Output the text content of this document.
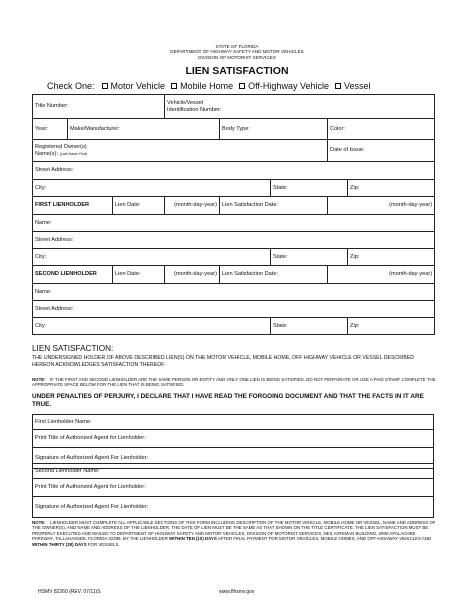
STATE OF FLORIDA
DEPARTMENT OF HIGHWAY SAFETY AND MOTOR VEHICLES
DIVISION OF MOTORIST SERVICES
LIEN SATISFACTION
Check One: Motor Vehicle Mobile Home Off-Highway Vehicle Vessel
Title Number:			Vehicle/Vessel
Identification Number:				

Year:	Make/Manufacturer:			Body Type:		Color:	

Registered Owner(s)
Name(s): (Last Name First)						Date of Issue:	
Street Address:							
City:					State:		Zip:
FIRST LIENHOLDER		Lien Date:	(month-day-year)	Lien Satisfaction Date:		(month-day-year)	
Name:							
Street Address:							
City:					State:		Zip:
SECOND LIENHOLDER		Lien Date:	(month-day-year)	Lien Satisfaction Date:		(month-day-year)	
Name:							
Street Address:							
City:					State:		Zip:
LIEN SATISFACTION:
THE UNDERSIGNED HOLDER OF ABOVE DESCRIBED LIEN(S) ON THE MOTOR VEHICLE, MOBILE HOME, OFF HIGHWAY VEHICLE OR VESSEL DESCRIBED HEREON ACKNOWLEDGES SATISFACTION THEREOF.
NOTE: IF THE FIRST AND SECOND LIENHOLDER ARE THE SAME PERSON OR ENTITY AND ONLY ONE LIEN IS BEING SATISFIED, DO NOT PERFORATE OR USE A PAID STAMP. COMPLETE THE APPROPRIATE SPACE BELOW FOR THE LIEN THAT IS BEING SATISFIED.
UNDER PENALTIES OF PERJURY, I DECLARE THAT I HAVE READ THE FORGOING DOCUMENT AND THAT THE FACTS IN IT ARE TRUE.
First Lienholder Name:
Print Title of Authorized Agent for Lienholder:
Signature of Authorized Agent For Lienholder:
Second Lienholder Name:
Print Title of Authorized Agent for Lienholder:
Signature of Authorized Agent For Lienholder:
NOTE: LIENHOLDER MUST COMPLETE ALL APPLICABLE SECTIONS OF THIS FORM INCLUDING DESCRIPTION OF THE MOTOR VEHICLE, MOBILE HOME OR VESSEL, NAME AND ADDRESS OF THE OWNER(S), AND NAME AND ADDRESS OF THE LIENHOLDER. THE DATE OF LIEN MUST BE THE SAME AS THAT SHOWN ON THE TITLE CERTIFICATE. THE LIEN SATISFACTION MUST BE PROPERLY EXECUTED AND MAILED TO DEPARTMENT OF HIGHWAY SAFETY AND MOTOR VEHICLES, DIVISION OF MOTORIST SERVICES, NEIL KIRKMAN BUILDING, 2900 APALACHEE PARKWAY, TALLAHASSEE, FLORIDA 32399, BY THE LIENHOLDER WITHIN TEN (10) DAYS AFTER FINAL PAYMENT FOR MOTOR VEHICLES, MOBILE HOMES, AND OFF-HIGHWAY VEHICLES AND WITHIN THIRTY (30) DAYS FOR VESSELS.
HSMV 82260 (REV. 07/11)S	www.flhsmv.gov
